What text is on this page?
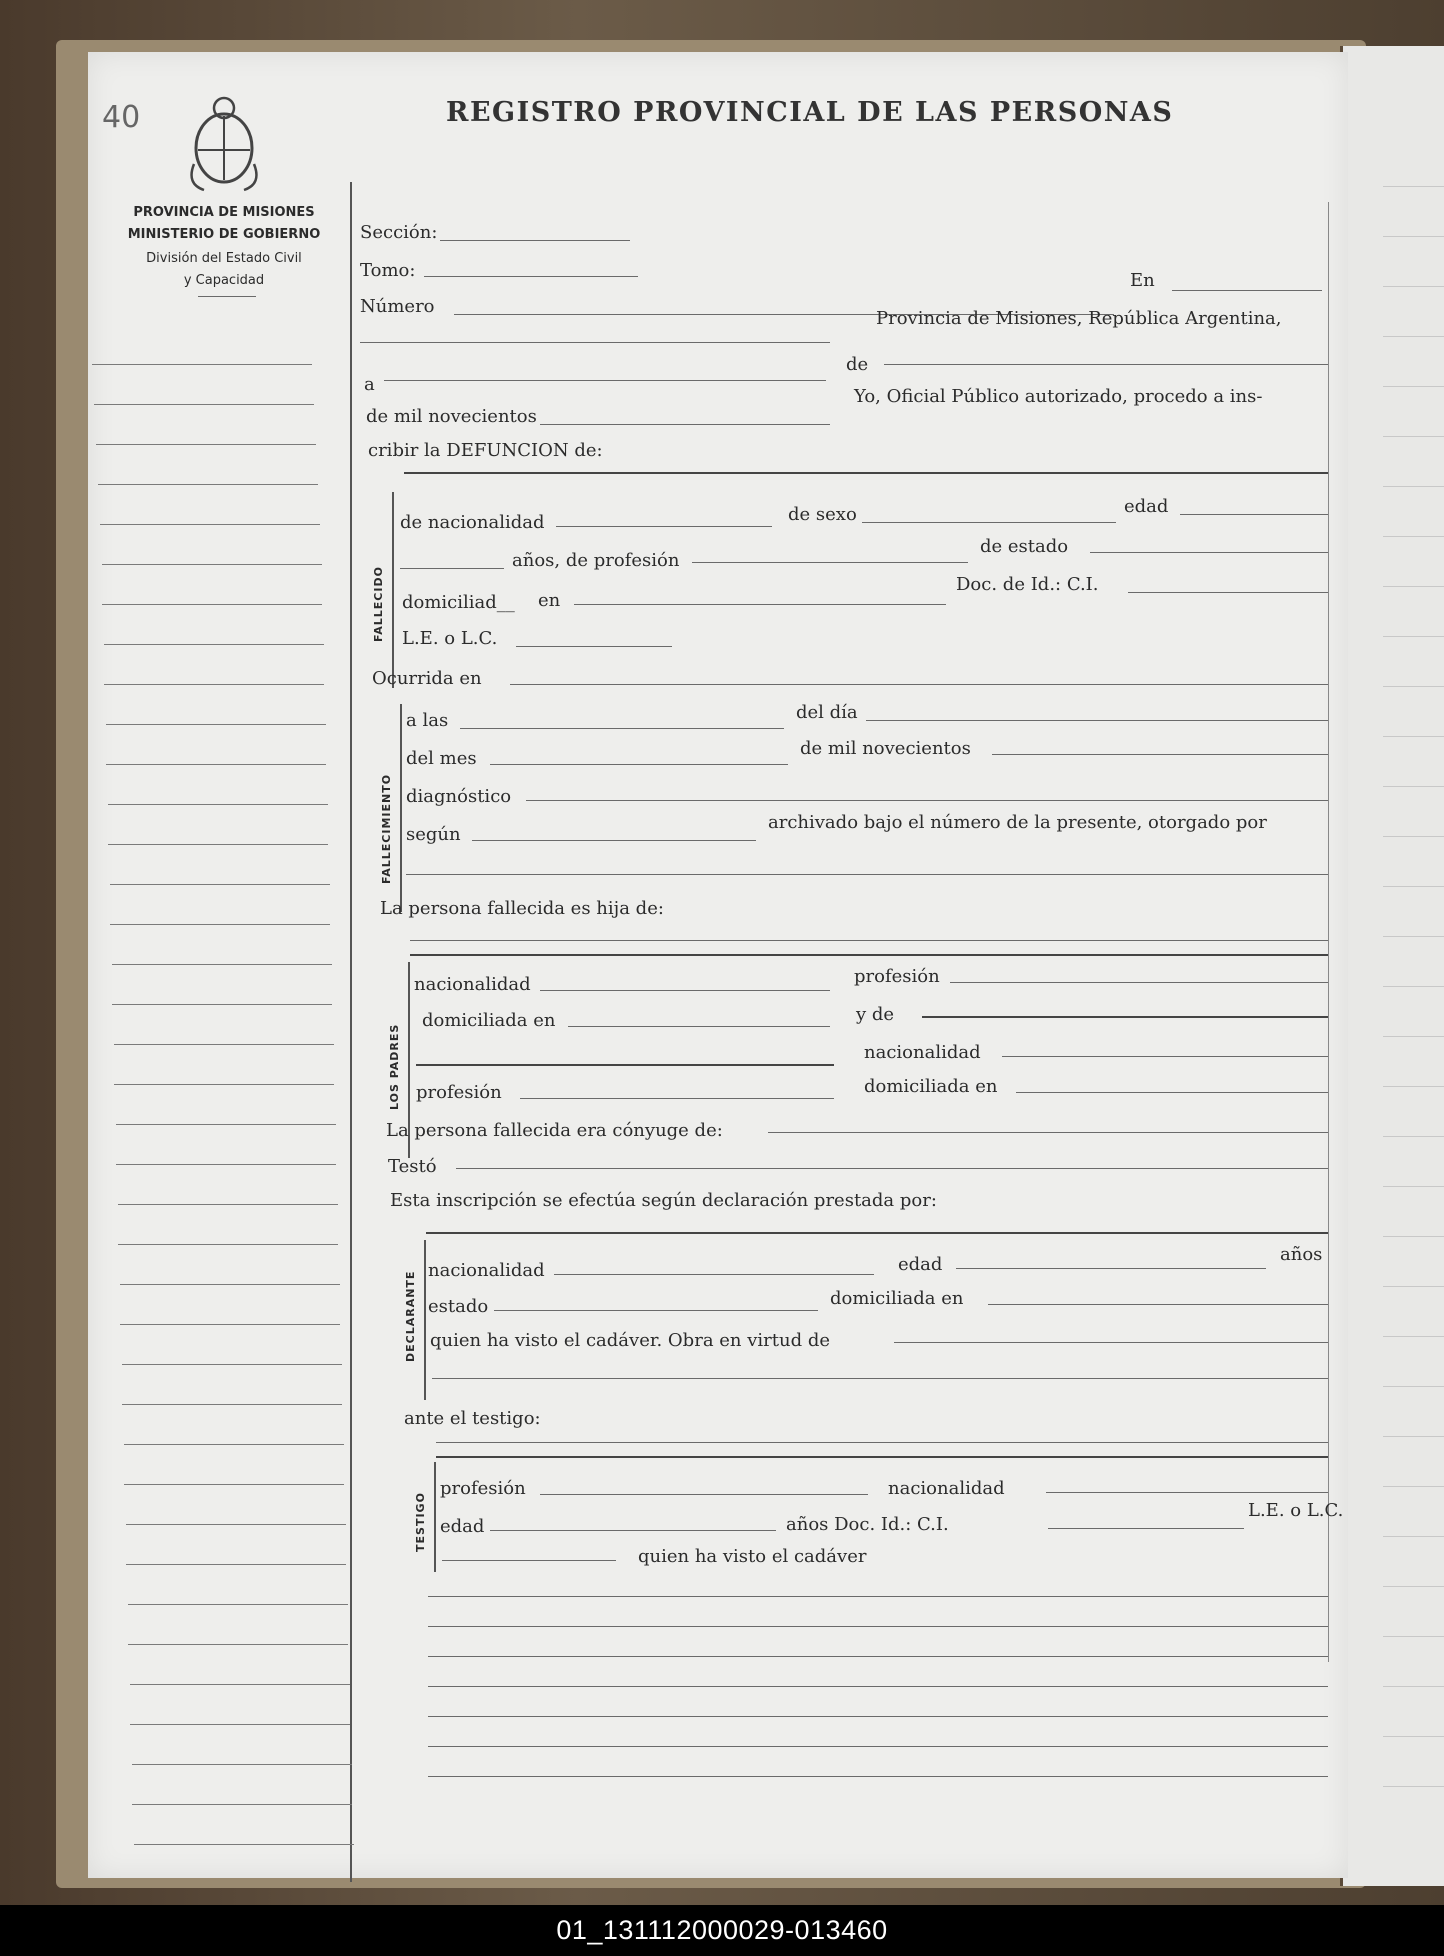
40
PROVINCIA DE MISIONES
MINISTERIO DE GOBIERNO
División del Estado Civil
y Capacidad
REGISTRO PROVINCIAL DE LAS PERSONAS
Sección:
Tomo:	En
Número
Provincia de Misiones, República Argentina,
a
de
de mil novecientos
Yo, Oficial Público autorizado, procedo a ins-
cribir la DEFUNCION de:
FALLECIDO
de nacionalidad	de sexo	edad
años, de profesión
de estado
domiciliad__ en
Doc. de Id.: C.I.
L.E. o L.C.
Ocurrida en
FALLECIMIENTO
a las	del día
del mes	de mil novecientos
diagnóstico
según
archivado bajo el número de la presente, otorgado por
La persona fallecida es hija de:
LOS PADRES
nacionalidad	profesión
domiciliada en	y de
nacionalidad
profesión	domiciliada en
La persona fallecida era cónyuge de:
Testó
Esta inscripción se efectúa según declaración prestada por:
DECLARANTE
nacionalidad	edad	años
estado	domiciliada en
quien ha visto el cadáver. Obra en virtud de
ante el testigo:
TESTIGO
profesión	nacionalidad
edad	años Doc. Id.: C.I.
L.E. o L.C.
quien ha visto el cadáver
01_131112000029-013460
